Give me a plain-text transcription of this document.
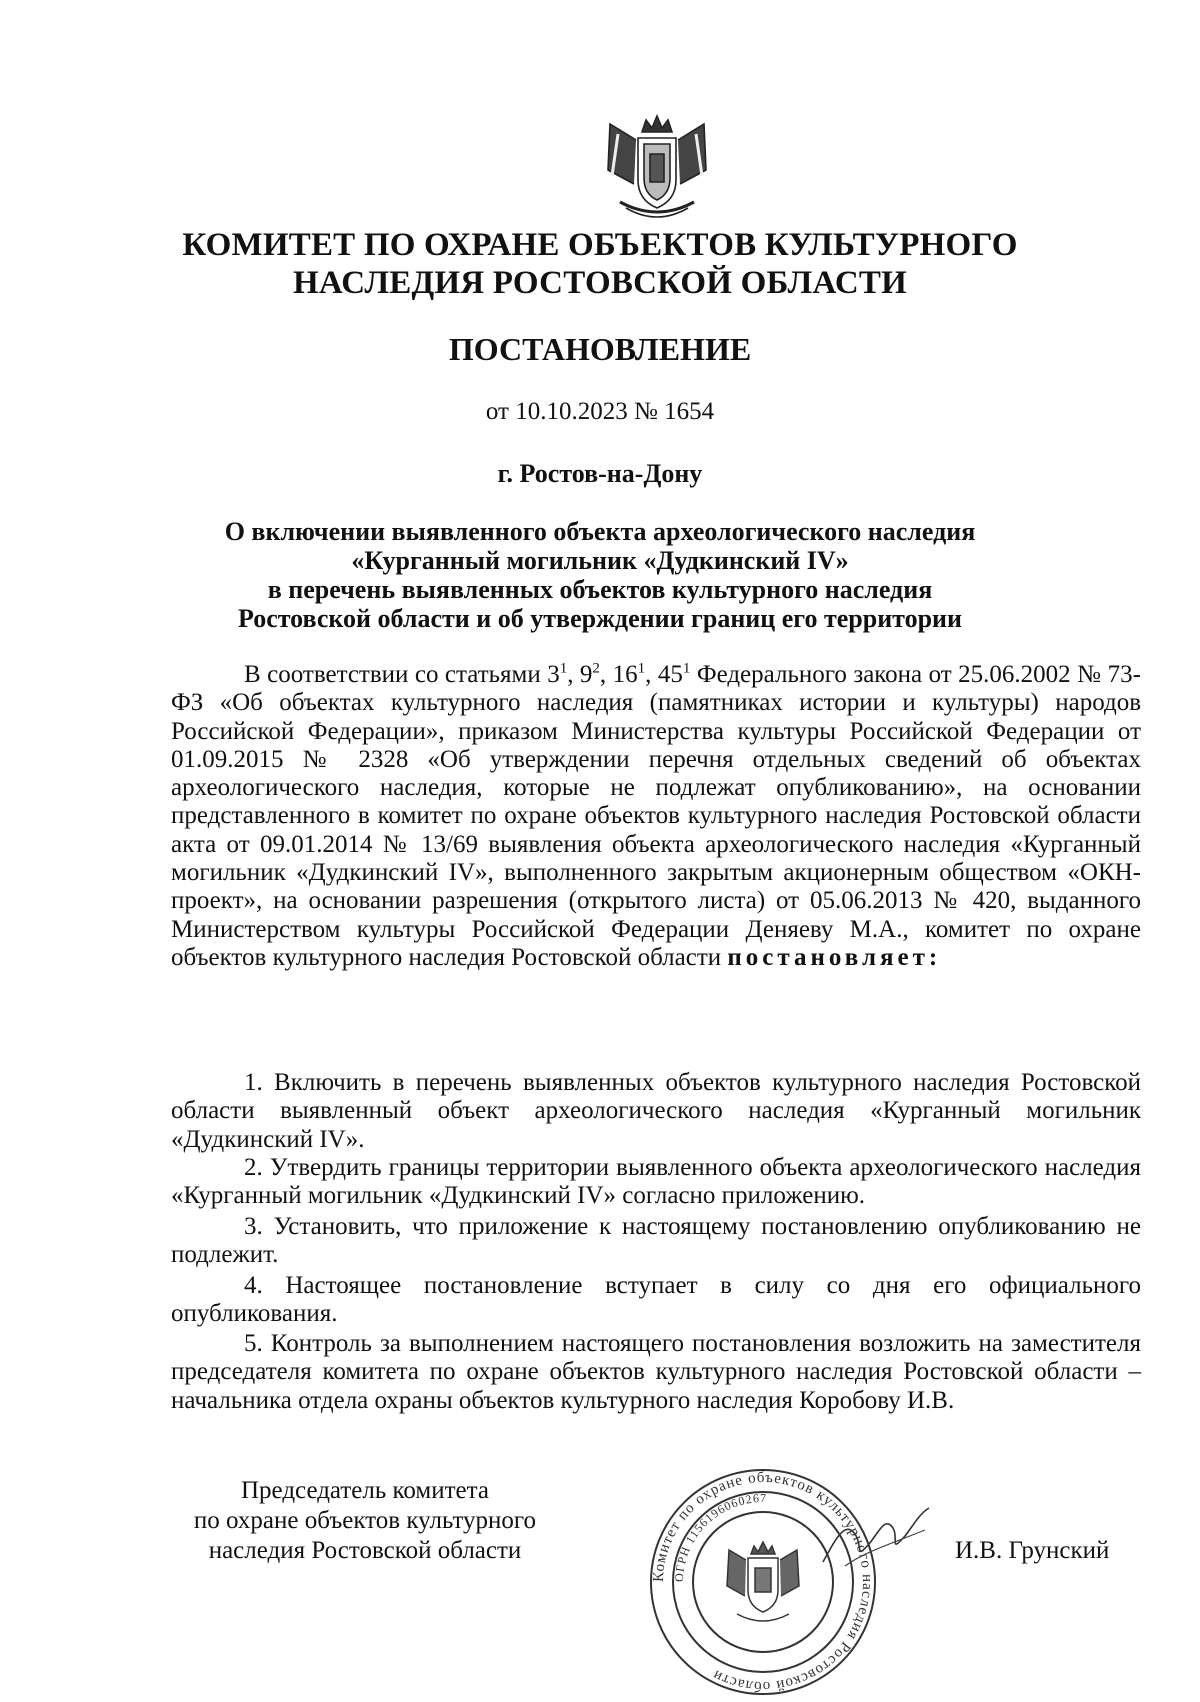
КОМИТЕТ ПО ОХРАНЕ ОБЪЕКТОВ КУЛЬТУРНОГО
НАСЛЕДИЯ РОСТОВСКОЙ ОБЛАСТИ
ПОСТАНОВЛЕНИЕ
от 10.10.2023 № 1654
г. Ростов-на-Дону
О включении выявленного объекта археологического наследия
«Курганный могильник «Дудкинский IV»
в перечень выявленных объектов культурного наследия
Ростовской области и об утверждении границ его территории

В соответствии со статьями $3^1$, $9^2$, $16^1$, $45^1$ Федерального закона от 25.06.2002 № 73-ФЗ «Об объектах культурного наследия (памятниках истории и культуры) народов Российской Федерации», приказом Министерства культуры Российской Федерации от 01.09.2015 № 2328 «Об утверждении перечня отдельных сведений об объектах археологического наследия, которые не подлежат опубликованию», на основании представленного в комитет по охране объектов культурного наследия Ростовской области акта от 09.01.2014 № 13/69 выявления объекта археологического наследия «Курганный могильник «Дудкинский IV», выполненного закрытым акционерным обществом «ОКН-проект», на основании разрешения (открытого листа) от 05.06.2013 № 420, выданного Министерством культуры Российской Федерации Деняеву М.А., комитет по охране объектов культурного наследия Ростовской области постановляет:

1. Включить в перечень выявленных объектов культурного наследия Ростовской области выявленный объект археологического наследия «Курганный могильник «Дудкинский IV».

2. Утвердить границы территории выявленного объекта археологического наследия «Курганный могильник «Дудкинский IV» согласно приложению.

3. Установить, что приложение к настоящему постановлению опубликованию не подлежит.

4. Настоящее постановление вступает в силу со дня его официального опубликования.

5. Контроль за выполнением настоящего постановления возложить на заместителя председателя комитета по охране объектов культурного наследия Ростовской области – начальника отдела охраны объектов культурного наследия Коробову И.В.

Председатель комитета
по охране объектов культурного
наследия Ростовской области
Комитет по охране объектов культурного наследия Ростовской области
ОГРН 1156196060267
И.В. Грунский
